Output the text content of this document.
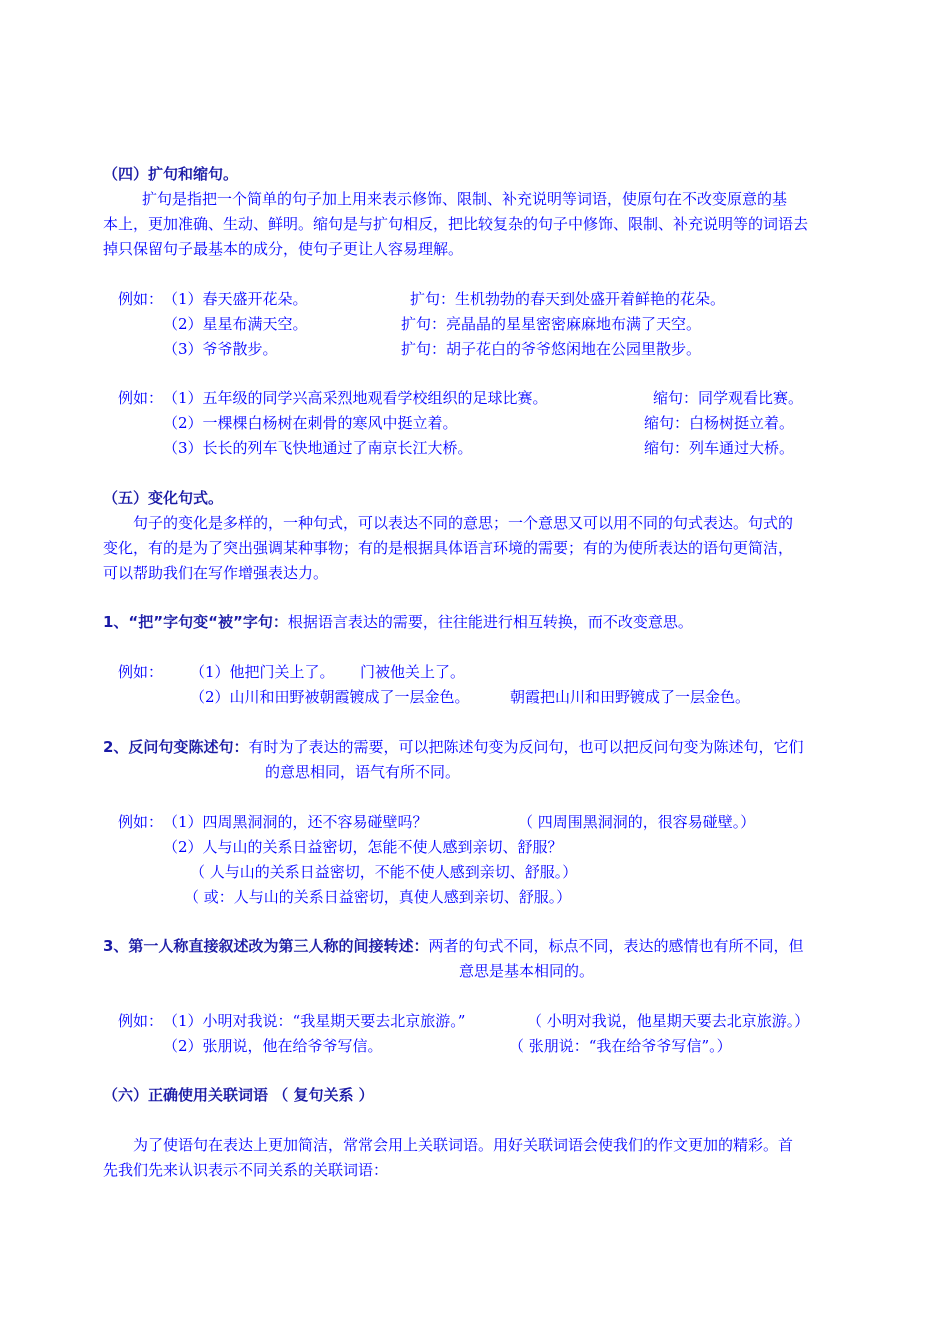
（四）扩句和缩句。
扩句是指把一个简单的句子加上用来表示修饰、限制、补充说明等词语，使原句在不改变原意的基
本上，更加准确、生动、鲜明。缩句是与扩句相反，把比较复杂的句子中修饰、限制、补充说明等的词语去
掉只保留句子最基本的成分，使句子更让人容易理解。
例如： （1）春天盛开花朵。	扩句：生机勃勃的春天到处盛开着鲜艳的花朵。
（2）星星布满天空。	扩句：亮晶晶的星星密密麻麻地布满了天空。
（3）爷爷散步。	扩句：胡子花白的爷爷悠闲地在公园里散步。
例如： （1）五年级的同学兴高采烈地观看学校组织的足球比赛。	缩句：同学观看比赛。
（2）一棵棵白杨树在刺骨的寒风中挺立着。	缩句：白杨树挺立着。
（3）长长的列车飞快地通过了南京长江大桥。	缩句：列车通过大桥。
（五）变化句式。
句子的变化是多样的，一种句式，可以表达不同的意思；一个意思又可以用不同的句式表达。句式的
变化，有的是为了突出强调某种事物；有的是根据具体语言环境的需要；有的为使所表达的语句更简洁，
可以帮助我们在写作增强表达力。
1、“把”字句变“被”字句：根据语言表达的需要，往往能进行相互转换，而不改变意思。
例如： （1）他把门关上了。 门被他关上了。
（2）山川和田野被朝霞镀成了一层金色。	朝霞把山川和田野镀成了一层金色。
2、反问句变陈述句：有时为了表达的需要，可以把陈述句变为反问句，也可以把反问句变为陈述句，它们
的意思相同，语气有所不同。
例如： （1）四周黑洞洞的，还不容易碰壁吗？	（ 四周围黑洞洞的，很容易碰壁。）
（2）人与山的关系日益密切，怎能不使人感到亲切、舒服？
（ 人与山的关系日益密切，不能不使人感到亲切、舒服。）
（ 或：人与山的关系日益密切，真使人感到亲切、舒服。）
3、第一人称直接叙述改为第三人称的间接转述：两者的句式不同，标点不同，表达的感情也有所不同，但
意思是基本相同的。
例如： （1）小明对我说：“我星期天要去北京旅游。”	（ 小明对我说，他星期天要去北京旅游。）
（2）张朋说，他在给爷爷写信。	（ 张朋说：“我在给爷爷写信”。）
（六）正确使用关联词语 （ 复句关系 ）
为了使语句在表达上更加简洁，常常会用上关联词语。用好关联词语会使我们的作文更加的精彩。首
先我们先来认识表示不同关系的关联词语：
